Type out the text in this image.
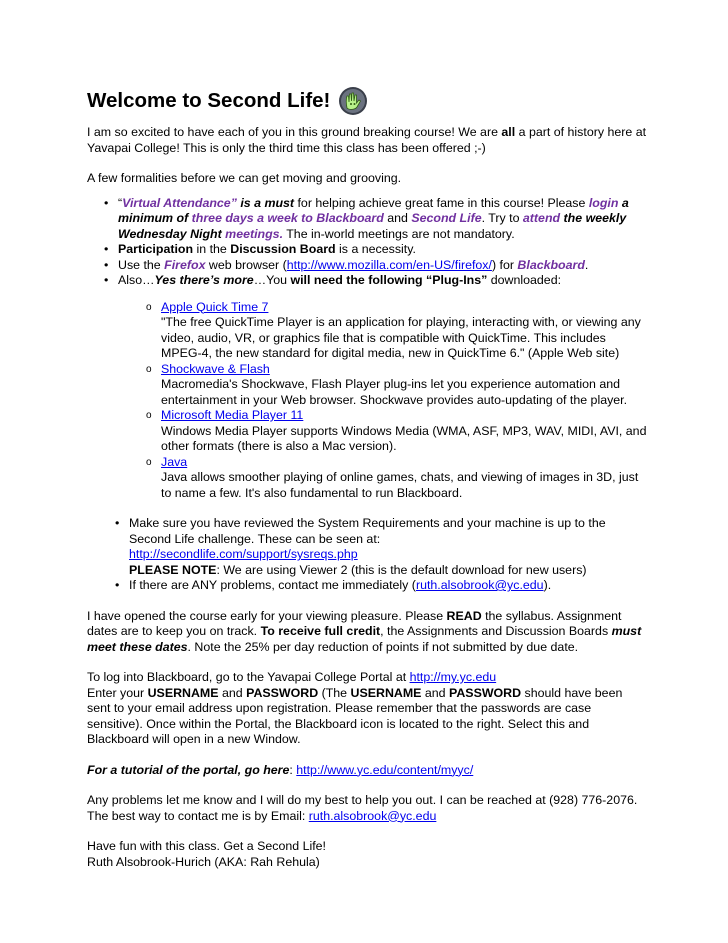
Welcome to Second Life!

I am so excited to have each of you in this ground breaking course! We are all a part of history here at Yavapai College! This is only the third time this class has been offered ;-)

A few formalities before we can get moving and grooving.

• “Virtual Attendance” is a must for helping achieve great fame in this course! Please login a minimum of three days a week to Blackboard and Second Life. Try to attend the weekly Wednesday Night meetings. The in-world meetings are not mandatory.
• Participation in the Discussion Board is a necessity.
• Use the Firefox web browser (http://www.mozilla.com/en-US/firefox/) for Blackboard.
• Also…Yes there’s more…You will need the following “Plug-Ins” downloaded:
o Apple Quick Time 7
"The free QuickTime Player is an application for playing, interacting with, or viewing any video, audio, VR, or graphics file that is compatible with QuickTime. This includes MPEG-4, the new standard for digital media, new in QuickTime 6." (Apple Web site)
o Shockwave & Flash
Macromedia's Shockwave, Flash Player plug-ins let you experience automation and entertainment in your Web browser. Shockwave provides auto-updating of the player.
o Microsoft Media Player 11
Windows Media Player supports Windows Media (WMA, ASF, MP3, WAV, MIDI, AVI, and other formats (there is also a Mac version).
o Java
Java allows smoother playing of online games, chats, and viewing of images in 3D, just to name a few. It's also fundamental to run Blackboard.
• Make sure you have reviewed the System Requirements and your machine is up to the Second Life challenge. These can be seen at:
http://secondlife.com/support/sysreqs.php
PLEASE NOTE: We are using Viewer 2 (this is the default download for new users)
• If there are ANY problems, contact me immediately (ruth.alsobrook@yc.edu).

I have opened the course early for your viewing pleasure. Please READ the syllabus. Assignment dates are to keep you on track. To receive full credit, the Assignments and Discussion Boards must meet these dates. Note the 25% per day reduction of points if not submitted by due date.

To log into Blackboard, go to the Yavapai College Portal at http://my.yc.edu
Enter your USERNAME and PASSWORD (The USERNAME and PASSWORD should have been sent to your email address upon registration. Please remember that the passwords are case sensitive). Once within the Portal, the Blackboard icon is located to the right. Select this and Blackboard will open in a new Window.

For a tutorial of the portal, go here: http://www.yc.edu/content/myyc/

Any problems let me know and I will do my best to help you out. I can be reached at (928) 776-2076. The best way to contact me is by Email: ruth.alsobrook@yc.edu

Have fun with this class. Get a Second Life!
Ruth Alsobrook-Hurich (AKA: Rah Rehula)
